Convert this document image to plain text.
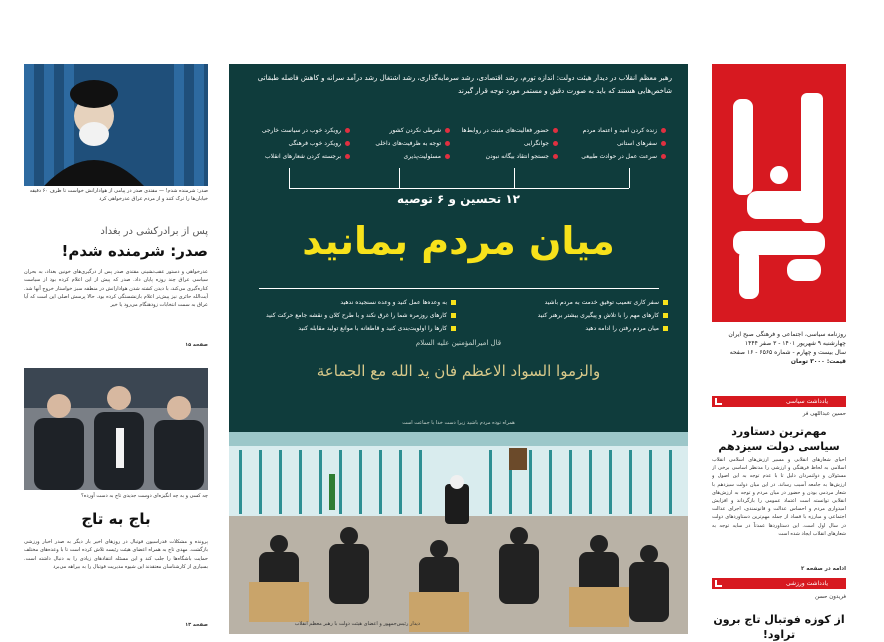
روزنامه سیاسی، اجتماعی و فرهنگی صبح ایران
چهارشنبه ۹ شهریور ۱۴۰۱ - ۳ صفر ۱۴۴۴
سال بیست و چهارم - شماره ۶۵۶۵ - ۱۶ صفحه
قیمت: ۳۰۰۰ تومان
یادداشت سیاسی
حسین عبداللهی فر
مهم‌ترین دستاورد سیاسی دولت سیزدهم
احیای شعارهای انقلابی و مسیر ارزش‌های اسلامی انقلاب اسلامی به لحاظ فرهنگی و ارزشی را مدنظر اساسی برخی از مسئولان و دولتمردان دلیل تا با عدم توجه به این اصول و ارزش‌ها به جامعه آسیب رساند. در این میان دولت سیزدهم با شعار مردمی بودن و حضور در میان مردم و توجه به ارزش‌های انقلابی توانسته است اعتماد عمومی را بازگرداند و افزایش امیدواری مردم و احساس عدالت و قانونمندی، اجرای عدالت اجتماعی و مبارزه با فساد از جمله مهم‌ترین دستاوردهای دولت در سال اول است. این دستاوردها عمدتاً در سایه توجه به شعارهای انقلاب ایجاد شده است
ادامه در صفحه ۲
یادداشت ورزشی
فریدون حسن
از کوزه فوتبال تاج برون تراود!
رهبر معظم انقلاب در دیدار هیئت دولت: اندازه تورم، رشد اقتصادی، رشد سرمایه‌گذاری، رشد اشتغال رشد درآمد سرانه و کاهش فاصله طبقاتی شاخص‌هایی هستند که باید به صورت دقیق و مستمر مورد توجه قرار گیرند
زنده کردن امید و اعتماد مردم
سفرهای استانی
سرعت عمل در حوادث طبیعی
حضور فعالیت‌های مثبت در روابط‌ها
جوانگرایی
جستجو انتقاد بیگانه نبودن
شرطی نکردن کشور
توجه به ظرفیت‌های داخلی
مسئولیت‌پذیری
رویکرد خوب در سیاست خارجی
رویکرد خوب فرهنگی
برجسته کردن شعارهای انقلاب
۱۲ تحسین و ۶ توصیه
میان مردم بمانید
سفر کاری تعمیب توفیق خدمت به مردم باشید
کارهای مهم را با تلاش و پیگیری بیشتر برهنر کنید
میان مردم رفتن را ادامه دهید
به وعده‌ها عمل کنید و وعده نسنجیده ندهید
کارهای روزمره شما را غرق نکند و با طرح کلان و نقشه جامع حرکت کنید
کارها را اولویت‌بندی کنید و قاطعانه با موانع تولید مقابله کنید
قال امیرالمؤمنین علیه السلام
والزموا السواد الاعظم فان ید الله مع الجماعة
همراه توده مردم باشید زیرا دست خدا با جماعت است
دیدار رئیس‌جمهور و اعضای هیئت دولت با رهبر معظم انقلاب
صدر: شرمنده شدم! — مقتدی صدر در پیامی از هوادارانش خواست تا ظرف ۶۰ دقیقه خیابان‌ها را ترک کنند و از مردم عراق عذرخواهی کرد
پس از برادرکشی در بغداد
صدر: شرمنده شدم!
عذرخواهی و دستور عقب‌نشینی مقتدی صدر پس از درگیری‌های خونین بغداد، به بحران سیاسی عراق چند روزه پایان داد. صدر که پیش از این اعلام کرده بود از سیاست کناره‌گیری می‌کند، با دیدن کشته شدن هوادارانش در منطقه سبز خواستار خروج آنها شد. آیت‌الله حائری نیز پیش‌تر اعلام بازنشستگی کرده بود. حالا پرسش اصلی این است که آیا عراق به سمت انتخابات زودهنگام می‌رود یا خیر
صفحه ۱۵
چه کسی و به چه انگیزه‌ای دوست جدیدی تاج به دست آورده؟
باج به تاج
پرونده و مشکلات فدراسیون فوتبال در روزهای اخیر بار دیگر به صدر اخبار ورزشی بازگشت. مهدی تاج به همراه اعضای هیئت رئیسه تلاش کرده است تا با وعده‌های مختلف حمایت باشگاه‌ها را جلب کند و این مسئله انتقادهای زیادی را به دنبال داشته است. بسیاری از کارشناسان معتقدند این شیوه مدیریت فوتبال را به بیراهه می‌برد
صفحه ۱۳
